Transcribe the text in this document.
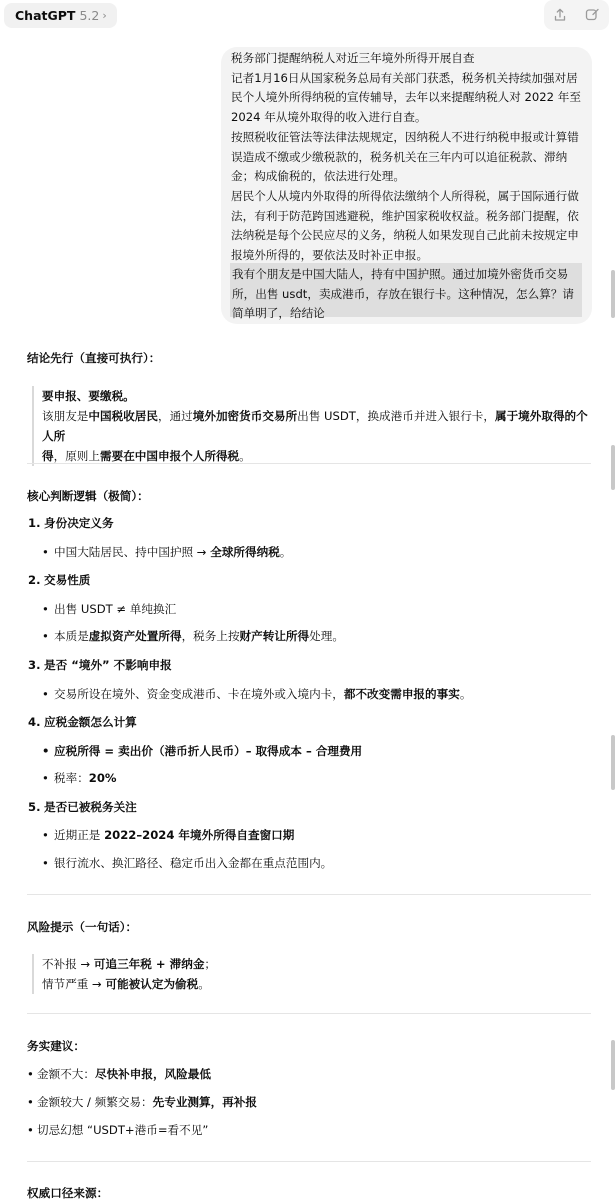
ChatGPT 5.2 ›
税务部门提醒纳税人对近三年境外所得开展自查
记者1月16日从国家税务总局有关部门获悉，税务机关持续加强对居民个人境外所得纳税的宣传辅导，去年以来提醒纳税人对 2022 年至 2024 年从境外取得的收入进行自查。
按照税收征管法等法律法规规定，因纳税人不进行纳税申报或计算错误造成不缴或少缴税款的，税务机关在三年内可以追征税款、滞纳金；构成偷税的，依法进行处理。
居民个人从境内外取得的所得依法缴纳个人所得税，属于国际通行做法，有利于防范跨国逃避税，维护国家税收权益。税务部门提醒，依法纳税是每个公民应尽的义务，纳税人如果发现自己此前未按规定申报境外所得的，要依法及时补正申报。
我有个朋友是中国大陆人，持有中国护照。通过加境外密货币交易所，出售 usdt，卖成港币，存放在银行卡。这种情况，怎么算？请简单明了，给结论
结论先行（直接可执行）：
要申报、要缴税。
该朋友是中国税收居民，通过境外加密货币交易所出售 USDT，换成港币并进入银行卡，属于境外取得的个人所
得，原则上需要在中国申报个人所得税。
核心判断逻辑（极简）：
1. 身份决定义务
• 中国大陆居民、持中国护照 → 全球所得纳税。
2. 交易性质
• 出售 USDT ≠ 单纯换汇
• 本质是虚拟资产处置所得，税务上按财产转让所得处理。
3. 是否 “境外” 不影响申报
• 交易所设在境外、资金变成港币、卡在境外或入境内卡，都不改变需申报的事实。
4. 应税金额怎么计算
• 应税所得 = 卖出价（港币折人民币）– 取得成本 – 合理费用
• 税率：20%
5. 是否已被税务关注
• 近期正是 2022–2024 年境外所得自查窗口期
• 银行流水、换汇路径、稳定币出入金都在重点范围内。
风险提示（一句话）：
不补报 → 可追三年税 + 滞纳金；
情节严重 → 可能被认定为偷税。
务实建议：
• 金额不大：尽快补申报，风险最低
• 金额较大 / 频繁交易：先专业测算，再补报
• 切忌幻想 “USDT+港币=看不见”
权威口径来源：
